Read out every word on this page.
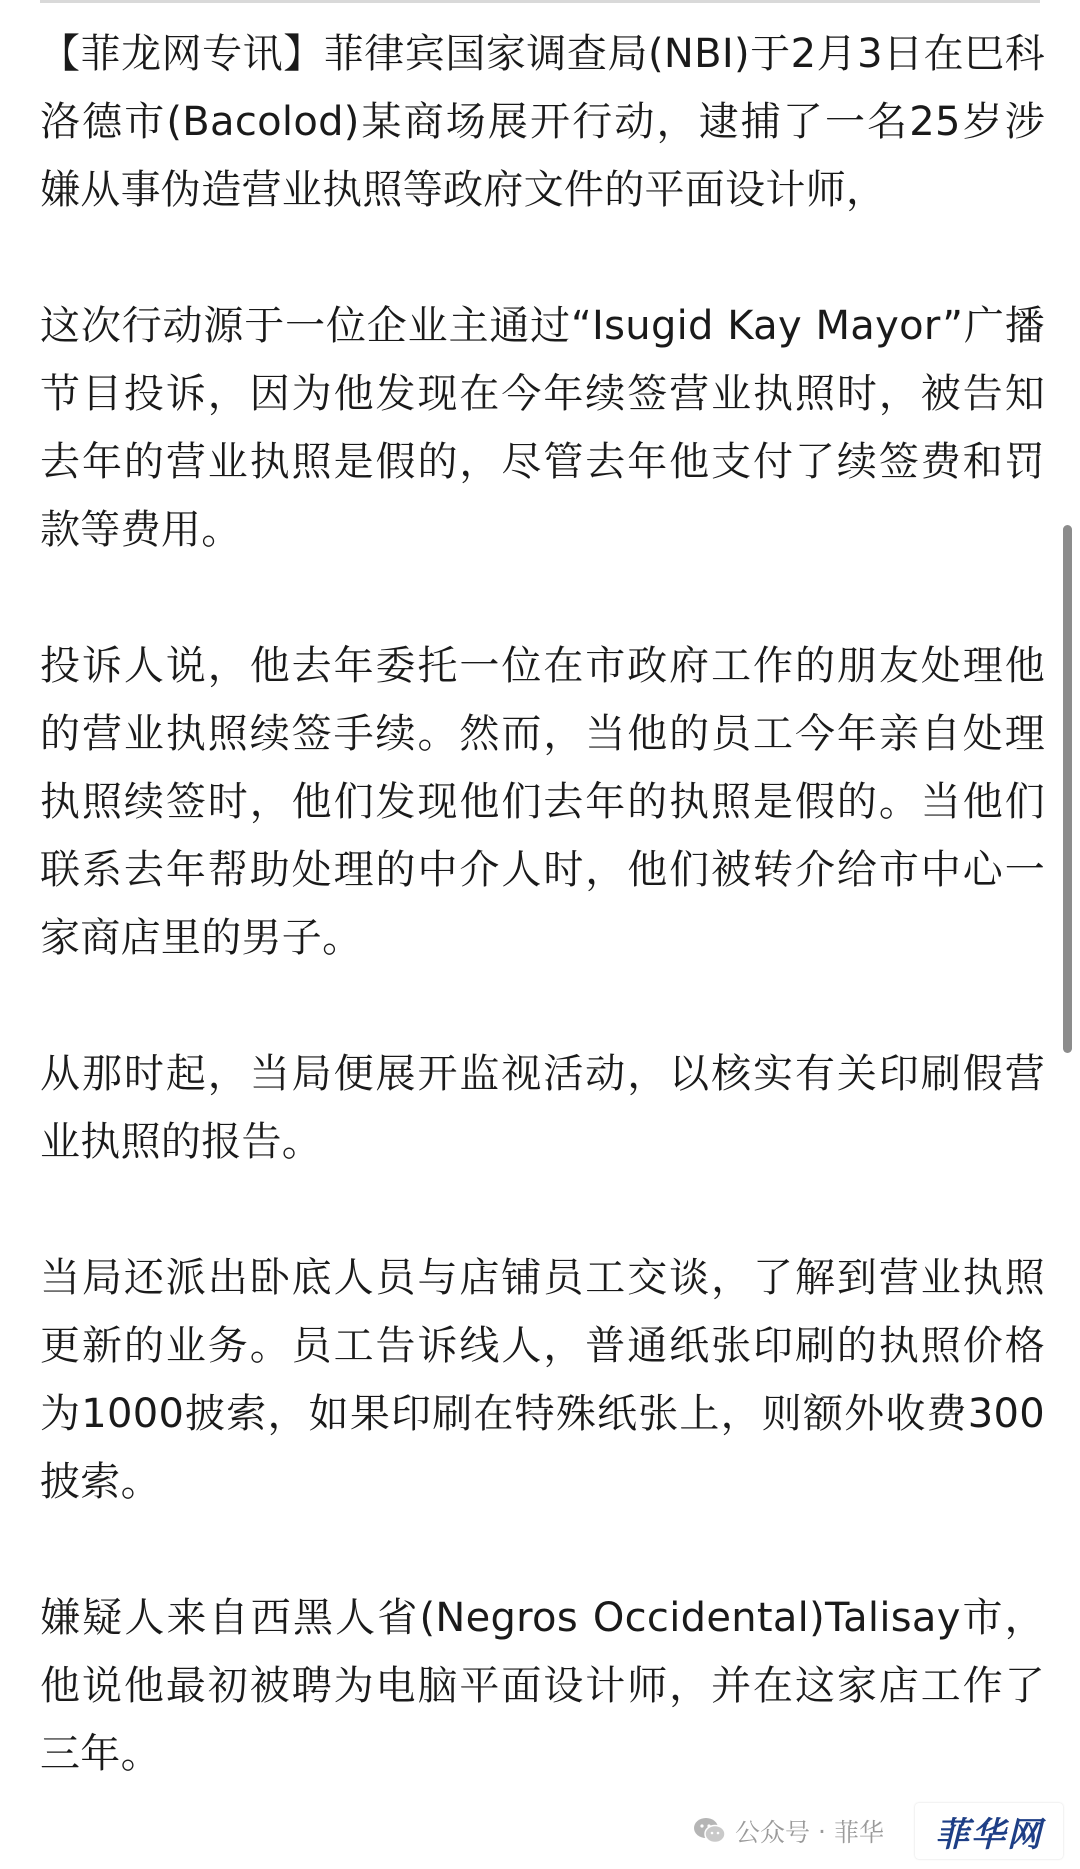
【菲龙网专讯】菲律宾国家调查局(NBI)于2月3日在巴科洛德市(Bacolod)某商场展开行动，逮捕了一名25岁涉嫌从事伪造营业执照等政府文件的平面设计师，

这次行动源于一位企业主通过“Isugid Kay Mayor”广播节目投诉，因为他发现在今年续签营业执照时，被告知去年的营业执照是假的，尽管去年他支付了续签费和罚款等费用。

投诉人说，他去年委托一位在市政府工作的朋友处理他的营业执照续签手续。然而，当他的员工今年亲自处理执照续签时，他们发现他们去年的执照是假的。当他们联系去年帮助处理的中介人时，他们被转介给市中心一家商店里的男子。

从那时起，当局便展开监视活动，以核实有关印刷假营业执照的报告。

当局还派出卧底人员与店铺员工交谈，了解到营业执照更新的业务。员工告诉线人，普通纸张印刷的执照价格为1000披索，如果印刷在特殊纸张上，则额外收费300披索。

嫌疑人来自西黑人省(Negros Occidental)Talisay市，他说他最初被聘为电脑平面设计师，并在这家店工作了三年。

公众号 · 菲华	菲华网
